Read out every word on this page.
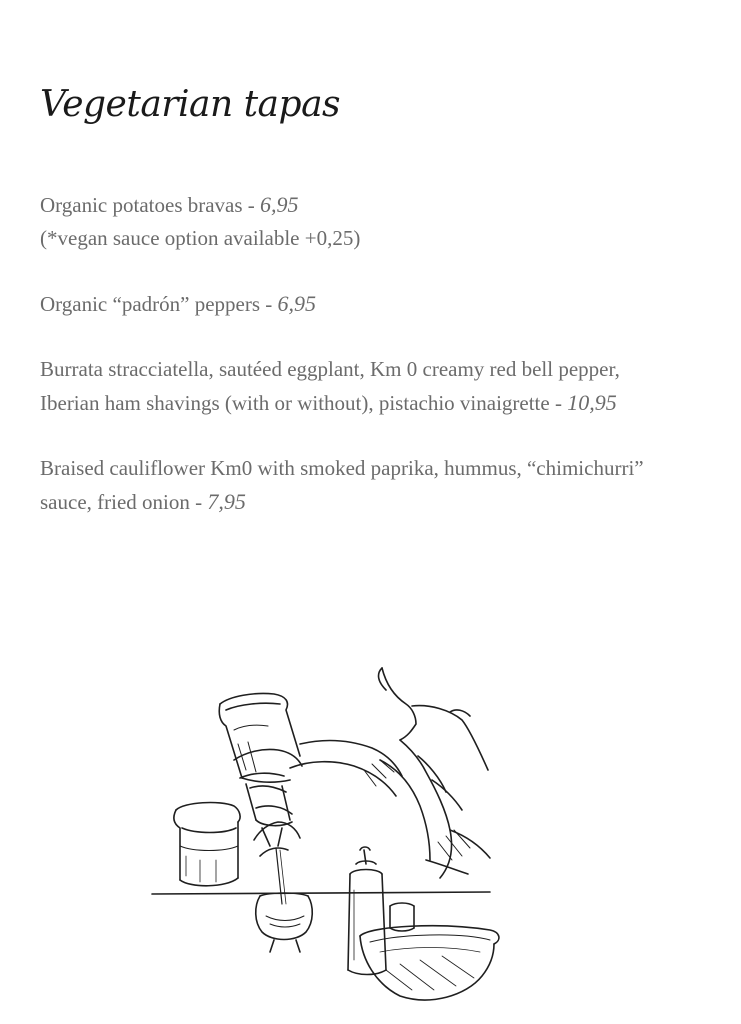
Vegetarian tapas

Organic potatoes bravas - 6,95

(*vegan sauce option available +0,25)

Organic “padrón” peppers - 6,95

Burrata stracciatella, sautéed eggplant, Km 0 creamy red bell pepper, Iberian ham shavings (with or without), pistachio vinaigrette - 10,95

Braised cauliflower Km0 with smoked paprika, hummus, “chimichurri” sauce, fried onion - 7,95
